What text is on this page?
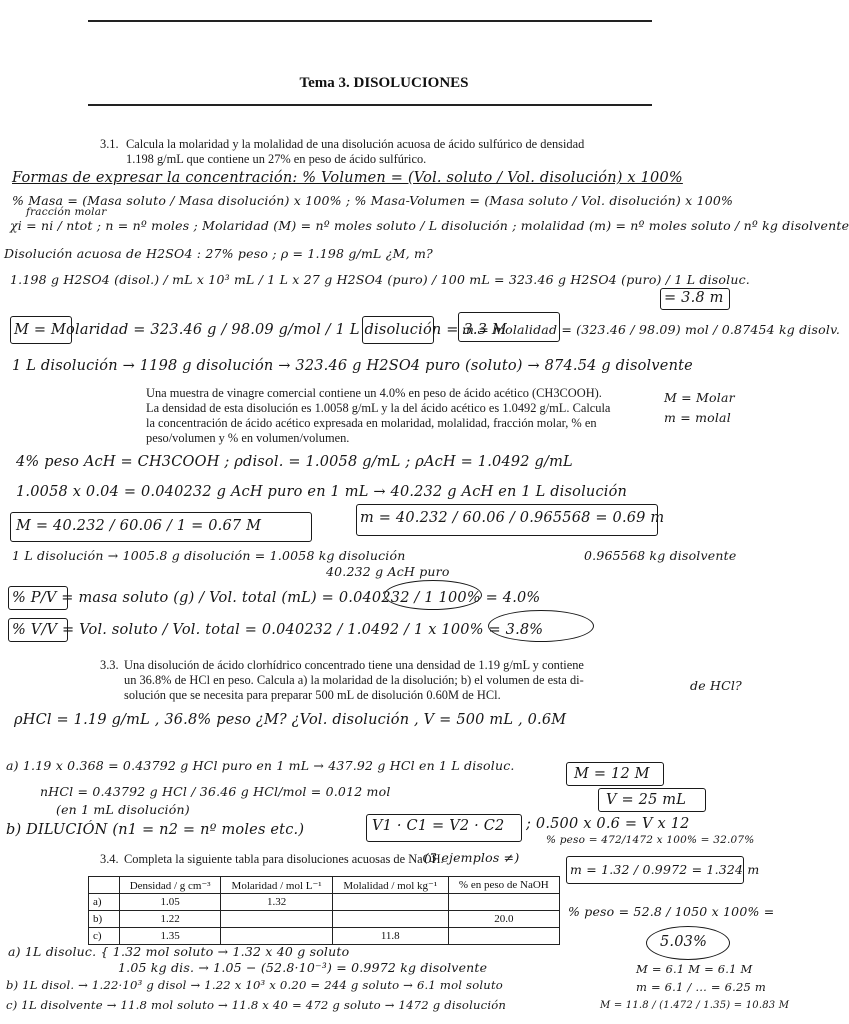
Tema 3. DISOLUCIONES
3.1. Calcula la molaridad y la molalidad de una disolución acuosa de ácido sulfúrico de densidad
1.198 g/mL que contiene un 27% en peso de ácido sulfúrico.
Formas de expresar la concentración: % Volumen = (Vol. soluto / Vol. disolución) x 100%
% Masa = (Masa soluto / Masa disolución) x 100% ; % Masa-Volumen = (Masa soluto / Vol. disolución) x 100%
fracción molar
χi = ni / ntot ; n = nº moles ; Molaridad (M) = nº moles soluto / L disolución ; molalidad (m) = nº moles soluto / nº kg disolvente
Disolución acuosa de H2SO4 : 27% peso ; ρ = 1.198 g/mL ¿M, m?
1.198 g H2SO4 (disol.) / mL x 10³ mL / 1 L x 27 g H2SO4 (puro) / 100 mL = 323.46 g H2SO4 (puro) / 1 L disoluc.
= 3.8 m
M = Molaridad = 323.46 g / 98.09 g/mol / 1 L disolución = 3.3 M
m = molalidad = (323.46 / 98.09) mol / 0.87454 kg disolv.
1 L disolución → 1198 g disolución → 323.46 g H2SO4 puro (soluto) → 874.54 g disolvente
Una muestra de vinagre comercial contiene un 4.0% en peso de ácido acético (CH3COOH).
La densidad de esta disolución es 1.0058 g/mL y la del ácido acético es 1.0492 g/mL. Calcula
la concentración de ácido acético expresada en molaridad, molalidad, fracción molar, % en
peso/volumen y % en volumen/volumen.
M = Molar
m = molal
4% peso AcH = CH3COOH ; ρdisol. = 1.0058 g/mL ; ρAcH = 1.0492 g/mL
1.0058 x 0.04 = 0.040232 g AcH puro en 1 mL → 40.232 g AcH en 1 L disolución
M = 40.232 / 60.06 / 1 = 0.67 M	m = 40.232 / 60.06 / 0.965568 = 0.69 m
1 L disolución → 1005.8 g disolución = 1.0058 kg disolución
40.232 g AcH puro
0.965568 kg disolvente
% P/V = masa soluto (g) / Vol. total (mL) = 0.040232 / 1 100% = 4.0%
% V/V = Vol. soluto / Vol. total = 0.040232 / 1.0492 / 1 x 100% = 3.8%
3.3. Una disolución de ácido clorhídrico concentrado tiene una densidad de 1.19 g/mL y contiene
un 36.8% de HCl en peso. Calcula a) la molaridad de la disolución; b) el volumen de esta di-
solución que se necesita para preparar 500 mL de disolución 0.60M de HCl.
de HCl?
ρHCl = 1.19 g/mL , 36.8% peso ¿M? ¿Vol. disolución , V = 500 mL , 0.6M
a) 1.19 x 0.368 = 0.43792 g HCl puro en 1 mL → 437.92 g HCl en 1 L disoluc.
nHCl = 0.43792 g HCl / 36.46 g HCl/mol = 0.012 mol
(en 1 mL disolución)
M = 12 M
V = 25 mL
b) DILUCIÓN (n1 = n2 = nº moles etc.)	V1 · C1 = V2 · C2 ; 0.500 x 0.6 = V x 12
% peso = 472/1472 x 100% = 32.07%
3.4. Completa la siguiente tabla para disoluciones acuosas de NaOH.
(3 ejemplos ≠)
	Densidad / g cm⁻³	Molaridad / mol L⁻¹	Molalidad / mol kg⁻¹	% en peso de NaOH
a)	1.05	1.32		
b)	1.22			20.0
c)	1.35		11.8	
m = 1.32 / 0.9972 = 1.324 m
% peso = 52.8 / 1050 x 100% =
5.03%
a) 1L disoluc. { 1.32 mol soluto → 1.32 x 40 g soluto
1.05 kg dis. → 1.05 − (52.8·10⁻³) = 0.9972 kg disolvente
b) 1L disol. → 1.22·10³ g disol → 1.22 x 10³ x 0.20 = 244 g soluto → 6.1 mol soluto
M = 6.1 M = 6.1 M
m = 6.1 / … = 6.25 m
c) 1L disolvente → 11.8 mol soluto → 11.8 x 40 = 472 g soluto → 1472 g disolución	M = 11.8 / (1.472 / 1.35) = 10.83 M
